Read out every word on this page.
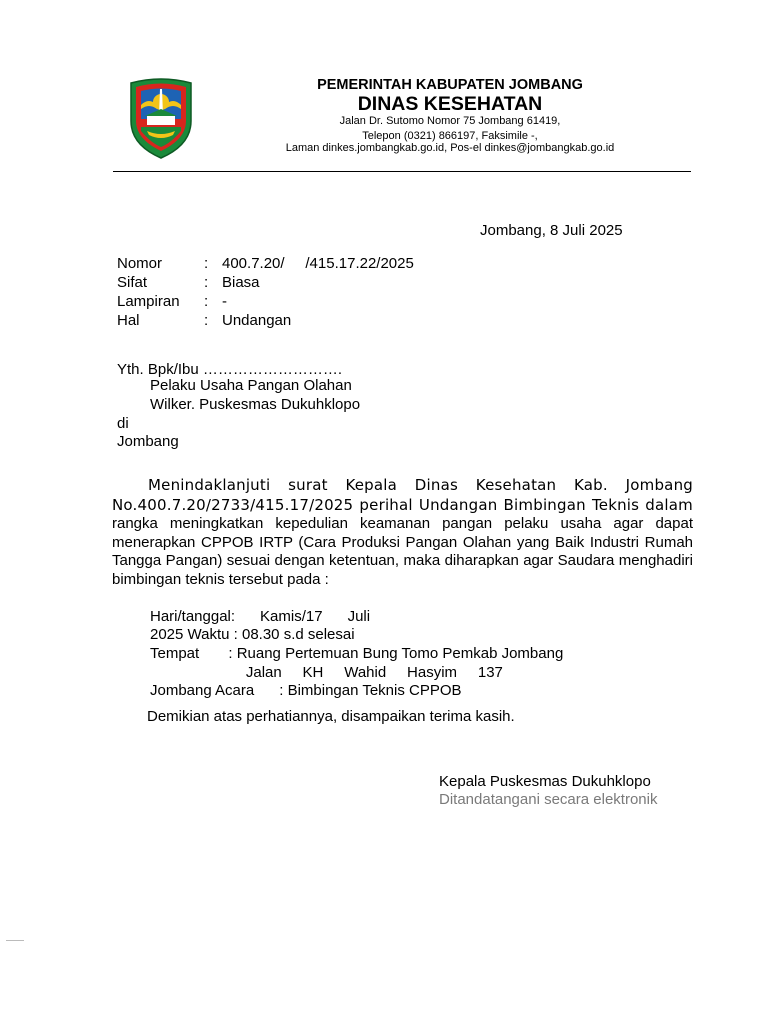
PEMERINTAH KABUPATEN JOMBANG
DINAS KESEHATAN
Jalan Dr. Sutomo Nomor 75 Jombang 61419,
Telepon (0321) 866197, Faksimile -,
Laman dinkes.jombangkab.go.id, Pos-el dinkes@jombangkab.go.id
Jombang, 8 Juli 2025
Nomor	: 400.7.20/     /415.17.22/2025
Sifat	: Biasa
Lampiran : -
Hal	: Undangan
Yth. Bpk/Ibu ……………………….
Pelaku Usaha Pangan Olahan
Wilker. Puskesmas Dukuhklopo
di
Jombang
Menindaklanjuti surat Kepala Dinas Kesehatan Kab. Jombang No.400.7.20/2733/415.17/2025 perihal Undangan Bimbingan Teknis dalam rangka meningkatkan kepedulian keamanan pangan pelaku usaha agar dapat menerapkan CPPOB IRTP (Cara Produksi Pangan Olahan yang Baik Industri Rumah Tangga Pangan) sesuai dengan ketentuan, maka diharapkan agar Saudara menghadiri bimbingan teknis tersebut pada :
Hari/tanggal:      Kamis/17      Juli
2025 Waktu : 08.30 s.d selesai
Tempat       : Ruang Pertemuan Bung Tomo Pemkab Jombang
Jalan     KH     Wahid     Hasyim     137
Jombang Acara      : Bimbingan Teknis CPPOB
Demikian atas perhatiannya, disampaikan terima kasih.
Kepala Puskesmas Dukuhklopo
Ditandatangani secara elektronik
